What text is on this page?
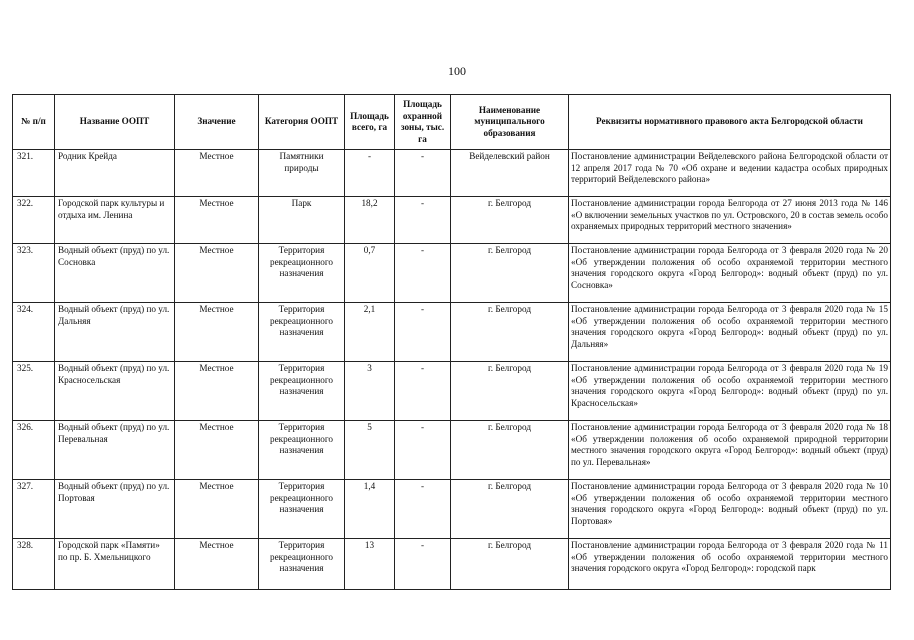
100
№ п/п	Название ООПТ	Значение	Категория ООПТ	Площадь всего, га	Площадь охранной зоны, тыс. га	Наименование муниципального образования	Реквизиты нормативного правового акта Белгородской области
321.	Родник Крейда	Местное	Памятники природы	-	-	Вейделевский район	Постановление администрации Вейделевского района Белгородской области от 12 апреля 2017 года № 70 «Об охране и ведении кадастра особых природных территорий Вейделевского района»
322.	Городской парк культуры и отдыха им. Ленина	Местное	Парк	18,2	-	г. Белгород	Постановление администрации города Белгорода от 27 июня 2013 года № 146 «О включении земельных участков по ул. Островского, 20 в состав земель особо охраняемых природных территорий местного значения»
323.	Водный объект (пруд) по ул. Сосновка	Местное	Территория рекреационного назначения	0,7	-	г. Белгород	Постановление администрации города Белгорода от 3 февраля 2020 года № 20 «Об утверждении положения об особо охраняемой территории местного значения городского округа «Город Белгород»: водный объект (пруд) по ул. Сосновка»
324.	Водный объект (пруд) по ул. Дальняя	Местное	Территория рекреационного назначения	2,1	-	г. Белгород	Постановление администрации города Белгорода от 3 февраля 2020 года № 15 «Об утверждении положения об особо охраняемой территории местного значения городского округа «Город Белгород»: водный объект (пруд) по ул. Дальняя»
325.	Водный объект (пруд) по ул. Красносельская	Местное	Территория рекреационного назначения	3	-	г. Белгород	Постановление администрации города Белгорода от 3 февраля 2020 года № 19 «Об утверждении положения об особо охраняемой территории местного значения городского округа «Город Белгород»: водный объект (пруд) по ул. Красносельская»
326.	Водный объект (пруд) по ул. Перевальная	Местное	Территория рекреационного назначения	5	-	г. Белгород	Постановление администрации города Белгорода от 3 февраля 2020 года № 18 «Об утверждении положения об особо охраняемой природной территории местного значения городского округа «Город Белгород»: водный объект (пруд) по ул. Перевальная»
327.	Водный объект (пруд) по ул. Портовая	Местное	Территория рекреационного назначения	1,4	-	г. Белгород	Постановление администрации города Белгорода от 3 февраля 2020 года № 10 «Об утверждении положения об особо охраняемой территории местного значения городского округа «Город Белгород»: водный объект (пруд) по ул. Портовая»
328.	Городской парк «Памяти» по пр. Б. Хмельницкого	Местное	Территория рекреационного назначения	13	-	г. Белгород	Постановление администрации города Белгорода от 3 февраля 2020 года № 11 «Об утверждении положения об особо охраняемой территории местного значения городского округа «Город Белгород»: городской парк
